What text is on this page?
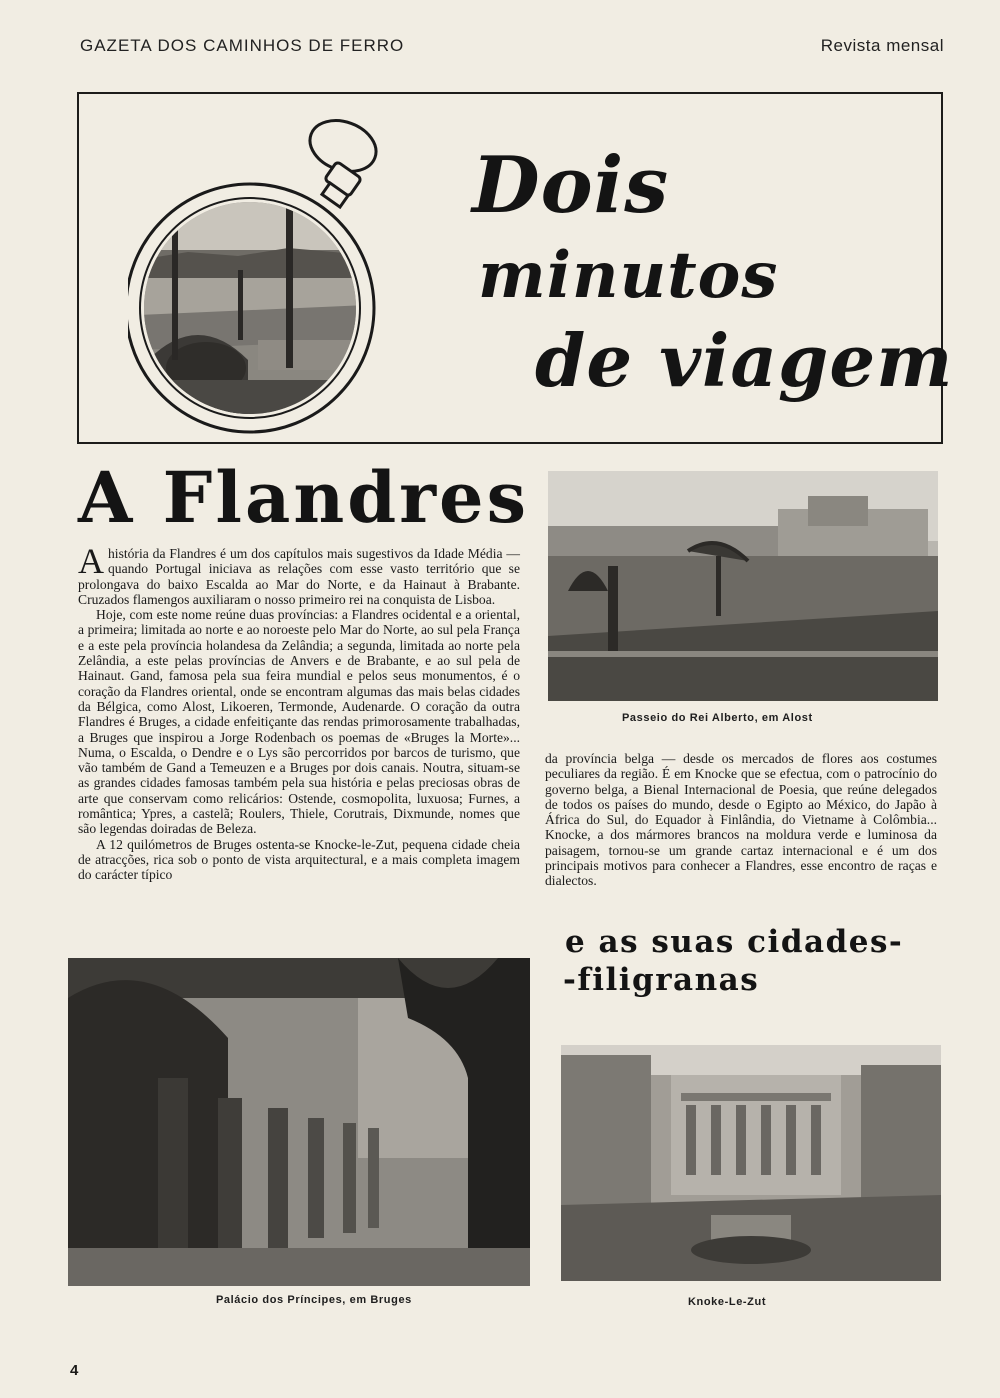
GAZETA DOS CAMINHOS DE FERRO	Revista mensal
Dois
minutos
de viagem
A Flandres

Ahistória da Flandres é um dos capítulos mais sugestivos da Idade Média — quando Portugal iniciava as relações com esse vasto território que se prolongava do baixo Escalda ao Mar do Norte, e da Hainaut à Brabante. Cruzados flamengos auxiliaram o nosso primeiro rei na conquista de Lisboa.

Hoje, com este nome reúne duas províncias: a Flandres ocidental e a oriental, a primeira; limitada ao norte e ao noroeste pelo Mar do Norte, ao sul pela França e a este pela província holandesa da Zelândia; a segunda, limitada ao norte pela Zelândia, a este pelas províncias de Anvers e de Brabante, e ao sul pela de Hainaut. Gand, famosa pela sua feira mundial e pelos seus monumentos, é o coração da Flandres oriental, onde se encontram algumas das mais belas cidades da Bélgica, como Alost, Likoeren, Termonde, Audenarde. O coração da outra Flandres é Bruges, a cidade enfeitiçante das rendas primorosamente trabalhadas, a Bruges que inspirou a Jorge Rodenbach os poemas de «Bruges la Morte»... Numa, o Escalda, o Dendre e o Lys são percorridos por barcos de turismo, que vão também de Gand a Temeuzen e a Bruges por dois canais. Noutra, situam-se as grandes cidades famosas também pela sua história e pelas preciosas obras de arte que conservam como relicários: Ostende, cosmopolita, luxuosa; Furnes, a romântica; Ypres, a castelã; Roulers, Thiele, Corutrais, Dixmunde, nomes que são legendas doiradas de Beleza.

A 12 quilómetros de Bruges ostenta-se Knocke-le-Zut, pequena cidade cheia de atracções, rica sob o ponto de vista arquitectural, e a mais completa imagem do carácter típico

Passeio do Rei Alberto, em Alost

da província belga — desde os mercados de flores aos costumes peculiares da região. É em Knocke que se efectua, com o patrocínio do governo belga, a Bienal Internacional de Poesia, que reúne delegados de todos os países do mundo, desde o Egipto ao México, do Japão à África do Sul, do Equador à Finlândia, do Vietname à Colômbia... Knocke, a dos mármores brancos na moldura verde e luminosa da paisagem, tornou-se um grande cartaz internacional e é um dos principais motivos para conhecer a Flandres, esse encontro de raças e dialectos.

e as suas cidades-
-filigranas
Palácio dos Príncipes, em Bruges	Knoke-Le-Zut
4
